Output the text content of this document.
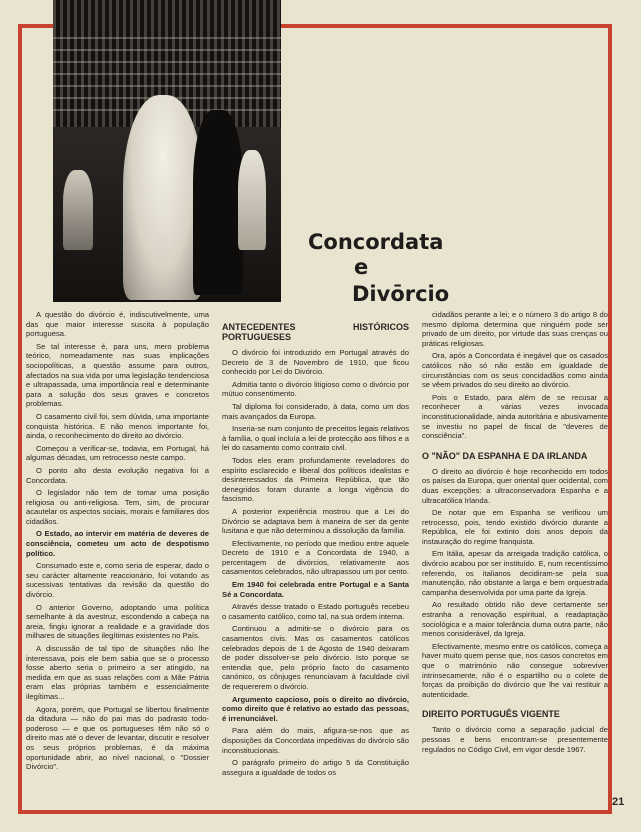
Concordata
e
Divōrcio

A questão do divórcio é, indiscutivelmente, uma das que maior interesse suscita à população portuguesa.

Se tal interesse é, para uns, mero problema teórico, nomeadamente nas suas implicações sociopolíticas, a questão assume para outros, afectados na sua vida por uma legislação tendenciosa e ultrapassada, uma importância real e determinante para a solução dos seus graves e concretos problemas.

O casamento civil foi, sem dúvida, uma importante conquista histórica. E não menos importante foi, ainda, o reconhecimento do direito ao divórcio.

Começou a verificar-se, todavia, em Portugal, há algumas décadas, um retrocesso neste campo.

O ponto alto desta evolução negativa foi a Concordata.

O legislador não tem de tomar uma posição religiosa ou anti-religiosa. Tem, sim, de procurar acautelar os aspectos sociais, morais e familiares dos cidadãos.

O Estado, ao intervir em matéria de deveres de consciência, cometeu um acto de despotismo político.

Consumado este e, como seria de esperar, dado o seu carácter altamente reaccionário, foi votando as sucessivas tentativas da revisão da questão do divórcio.

O anterior Governo, adoptando uma política semelhante à da avestruz, escondendo a cabeça na areia, fingiu ignorar a realidade e a gravidade dos milhares de situações ilegítimas existentes no País.

A discussão de tal tipo de situações não lhe interessava, pois ele bem sabia que se o processo fosse aberto seria o primeiro a ser atingido, na medida em que as suas relações com a Mãe Pátria eram elas próprias também e essencialmente ilegítimas...

Agora, porém, que Portugal se libertou finalmente da ditadura — não do pai mas do padrasto todo-poderoso — e que os portugueses têm não só o direito mas até o dever de levantar, discutir e resolver os seus próprios problemas, é da máxima oportunidade abrir, ao nível nacional, o "Dossier Divórcio".

ANTECEDENTES HISTÓRICOS PORTUGUESES

O divórcio foi introduzido em Portugal através do Decreto de 3 de Novembro de 1910, que ficou conhecido por Lei do Divórcio.

Admitia tanto o divórcio litigioso como o divórcio por mútuo consentimento.

Tal diploma foi considerado, à data, como um dos mais avançados da Europa.

Inseria-se num conjunto de preceitos legais relativos à família, o qual incluía a lei de protecção aos filhos e a lei do casamento como contrato civil.

Todos eles eram profundamente reveladores do espírito esclarecido e liberal dos políticos idealistas e desinteressados da Primeira República, que tão denegridos foram durante a longa vigência do fascismo.

A posterior experiência mostrou que a Lei do Divórcio se adaptava bem à maneira de ser da gente lusitana e que não determinou a dissolução da família.

Efectivamente, no período que mediou entre aquele Decreto de 1910 e a Concordata de 1940, a percentagem de divórcios, relativamente aos casamentos celebrados, não ultrapassou um por cento.

Em 1940 foi celebrada entre Portugal e a Santa Sé a Concordata.

Através desse tratado o Estado português recebeu o casamento católico, como tal, na sua ordem interna.

Continuou a admitir-se o divórcio para os casamentos civis. Mas os casamentos católicos celebrados depois de 1 de Agosto de 1940 deixaram de poder dissolver-se pelo divórcio. Isto porque se entendia que, pelo próprio facto do casamento canónico, os cônjuges renunciavam à faculdade civil de requererem o divórcio.

Argumento capcioso, pois o direito ao divórcio, como direito que é relativo ao estado das pessoas, é irrenunciável.

Para além do mais, afigura-se-nos que as disposições da Concordata impeditivas do divórcio são inconstitucionais.

O parágrafo primeiro do artigo 5 da Constituição assegura a igualdade de todos os

cidadãos perante a lei; e o número 3 do artigo 8 do mesmo diploma determina que ninguém pode ser privado de um direito, por virtude das suas crenças ou práticas religiosas.

Ora, após a Concordata é inegável que os casados católicos não só não estão em igualdade de circunstâncias com os seus concidadãos como ainda se vêem privados do seu direito ao divórcio.

Pois o Estado, para além de se recusar a reconhecer a várias vezes invocada inconstitucionalidade, ainda autoritária e abusivamente se investiu no papel de fiscal de "deveres de consciência".

O "NÃO" DA ESPANHA E DA IRLANDA

O direito ao divórcio é hoje reconhecido em todos os países da Europa, quer oriental quer ocidental, com duas excepções: a ultraconservadora Espanha e a ultracatólica Irlanda.

De notar que em Espanha se verificou um retrocesso, pois, tendo existido divórcio durante a República, ele foi extinto dois anos depois da instauração do regime franquista.

Em Itália, apesar da arreigada tradição católica, o divórcio acabou por ser instituído. E, num recentíssimo referendo, os italianos decidiram-se pela sua manutenção, não obstante a larga e bem orquestrada campanha desenvolvida por uma parte da Igreja.

Ao resultado obtido não deve certamente ser estranha a renovação espiritual, a readaptação sociológica e a maior tolerância duma outra parte, não menos considerável, da Igreja.

Efectivamente, mesmo entre os católicos, começa a haver muito quem pense que, nos casos concretos em que o matrimónio não consegue sobreviver intrinsecamente, não é o espartilho ou o colete de forças da proibição do divórcio que lhe vai restituir a autenticidade.

DIREITO PORTUGUÊS VIGENTE

Tanto o divórcio como a separação judicial de pessoas e bens encontram-se presentemente regulados no Código Civil, em vigor desde 1967.

21
